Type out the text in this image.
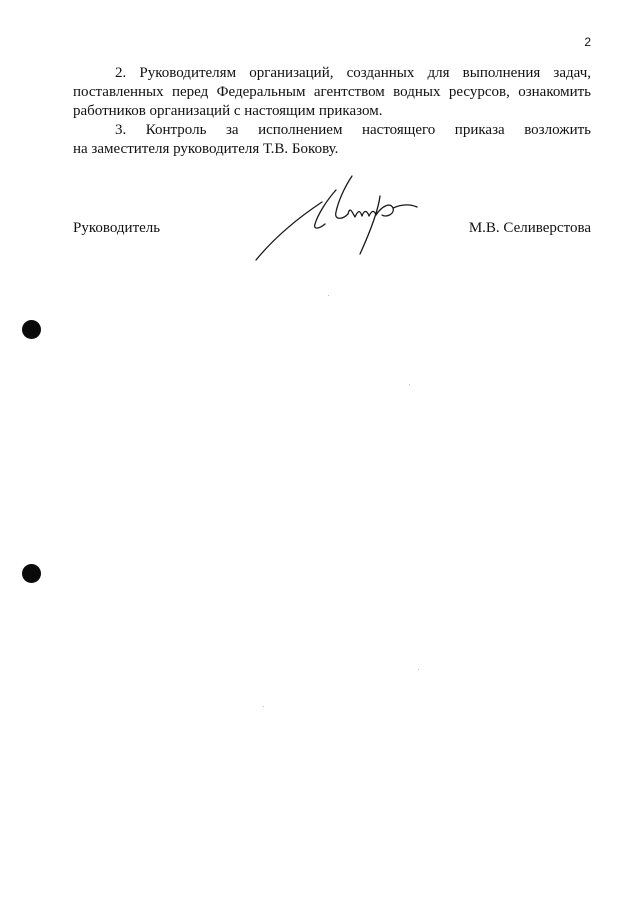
2

2. Руководителям организаций, созданных для выполнения задач, поставленных перед Федеральным агентством водных ресурсов, ознакомить работников организаций с настоящим приказом.

3. Контроль за исполнением настоящего приказа возложить

на заместителя руководителя Т.В. Бокову.

Руководитель	М.В. Селиверстова
